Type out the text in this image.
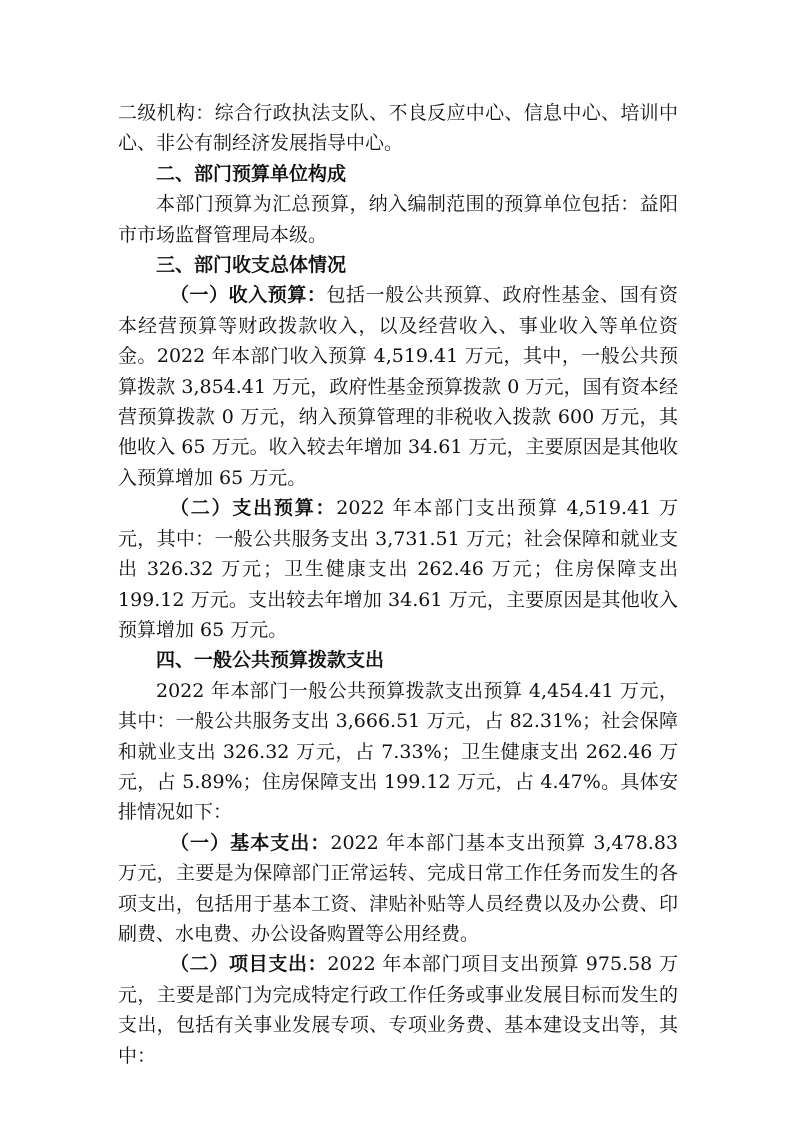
二级机构：综合行政执法支队、不良反应中心、信息中心、培训中心、非公有制经济发展指导中心。

二、部门预算单位构成

本部门预算为汇总预算，纳入编制范围的预算单位包括：益阳市市场监督管理局本级。

三、部门收支总体情况

（一）收入预算：包括一般公共预算、政府性基金、国有资本经营预算等财政拨款收入，以及经营收入、事业收入等单位资金。2022 年本部门收入预算 4,519.41 万元，其中，一般公共预算拨款 3,854.41 万元，政府性基金预算拨款 0 万元，国有资本经营预算拨款 0 万元，纳入预算管理的非税收入拨款 600 万元，其他收入 65 万元。收入较去年增加 34.61 万元，主要原因是其他收入预算增加 65 万元。

（二）支出预算：2022 年本部门支出预算 4,519.41 万元，其中：一般公共服务支出 3,731.51 万元；社会保障和就业支出 326.32 万元；卫生健康支出 262.46 万元；住房保障支出 199.12 万元。支出较去年增加 34.61 万元，主要原因是其他收入预算增加 65 万元。

四、一般公共预算拨款支出

2022 年本部门一般公共预算拨款支出预算 4,454.41 万元，其中：一般公共服务支出 3,666.51 万元，占 82.31%；社会保障和就业支出 326.32 万元，占 7.33%；卫生健康支出 262.46 万元，占 5.89%；住房保障支出 199.12 万元，占 4.47%。具体安排情况如下：

（一）基本支出：2022 年本部门基本支出预算 3,478.83 万元，主要是为保障部门正常运转、完成日常工作任务而发生的各项支出，包括用于基本工资、津贴补贴等人员经费以及办公费、印刷费、水电费、办公设备购置等公用经费。

（二）项目支出：2022 年本部门项目支出预算 975.58 万元，主要是部门为完成特定行政工作任务或事业发展目标而发生的支出，包括有关事业发展专项、专项业务费、基本建设支出等，其中：
